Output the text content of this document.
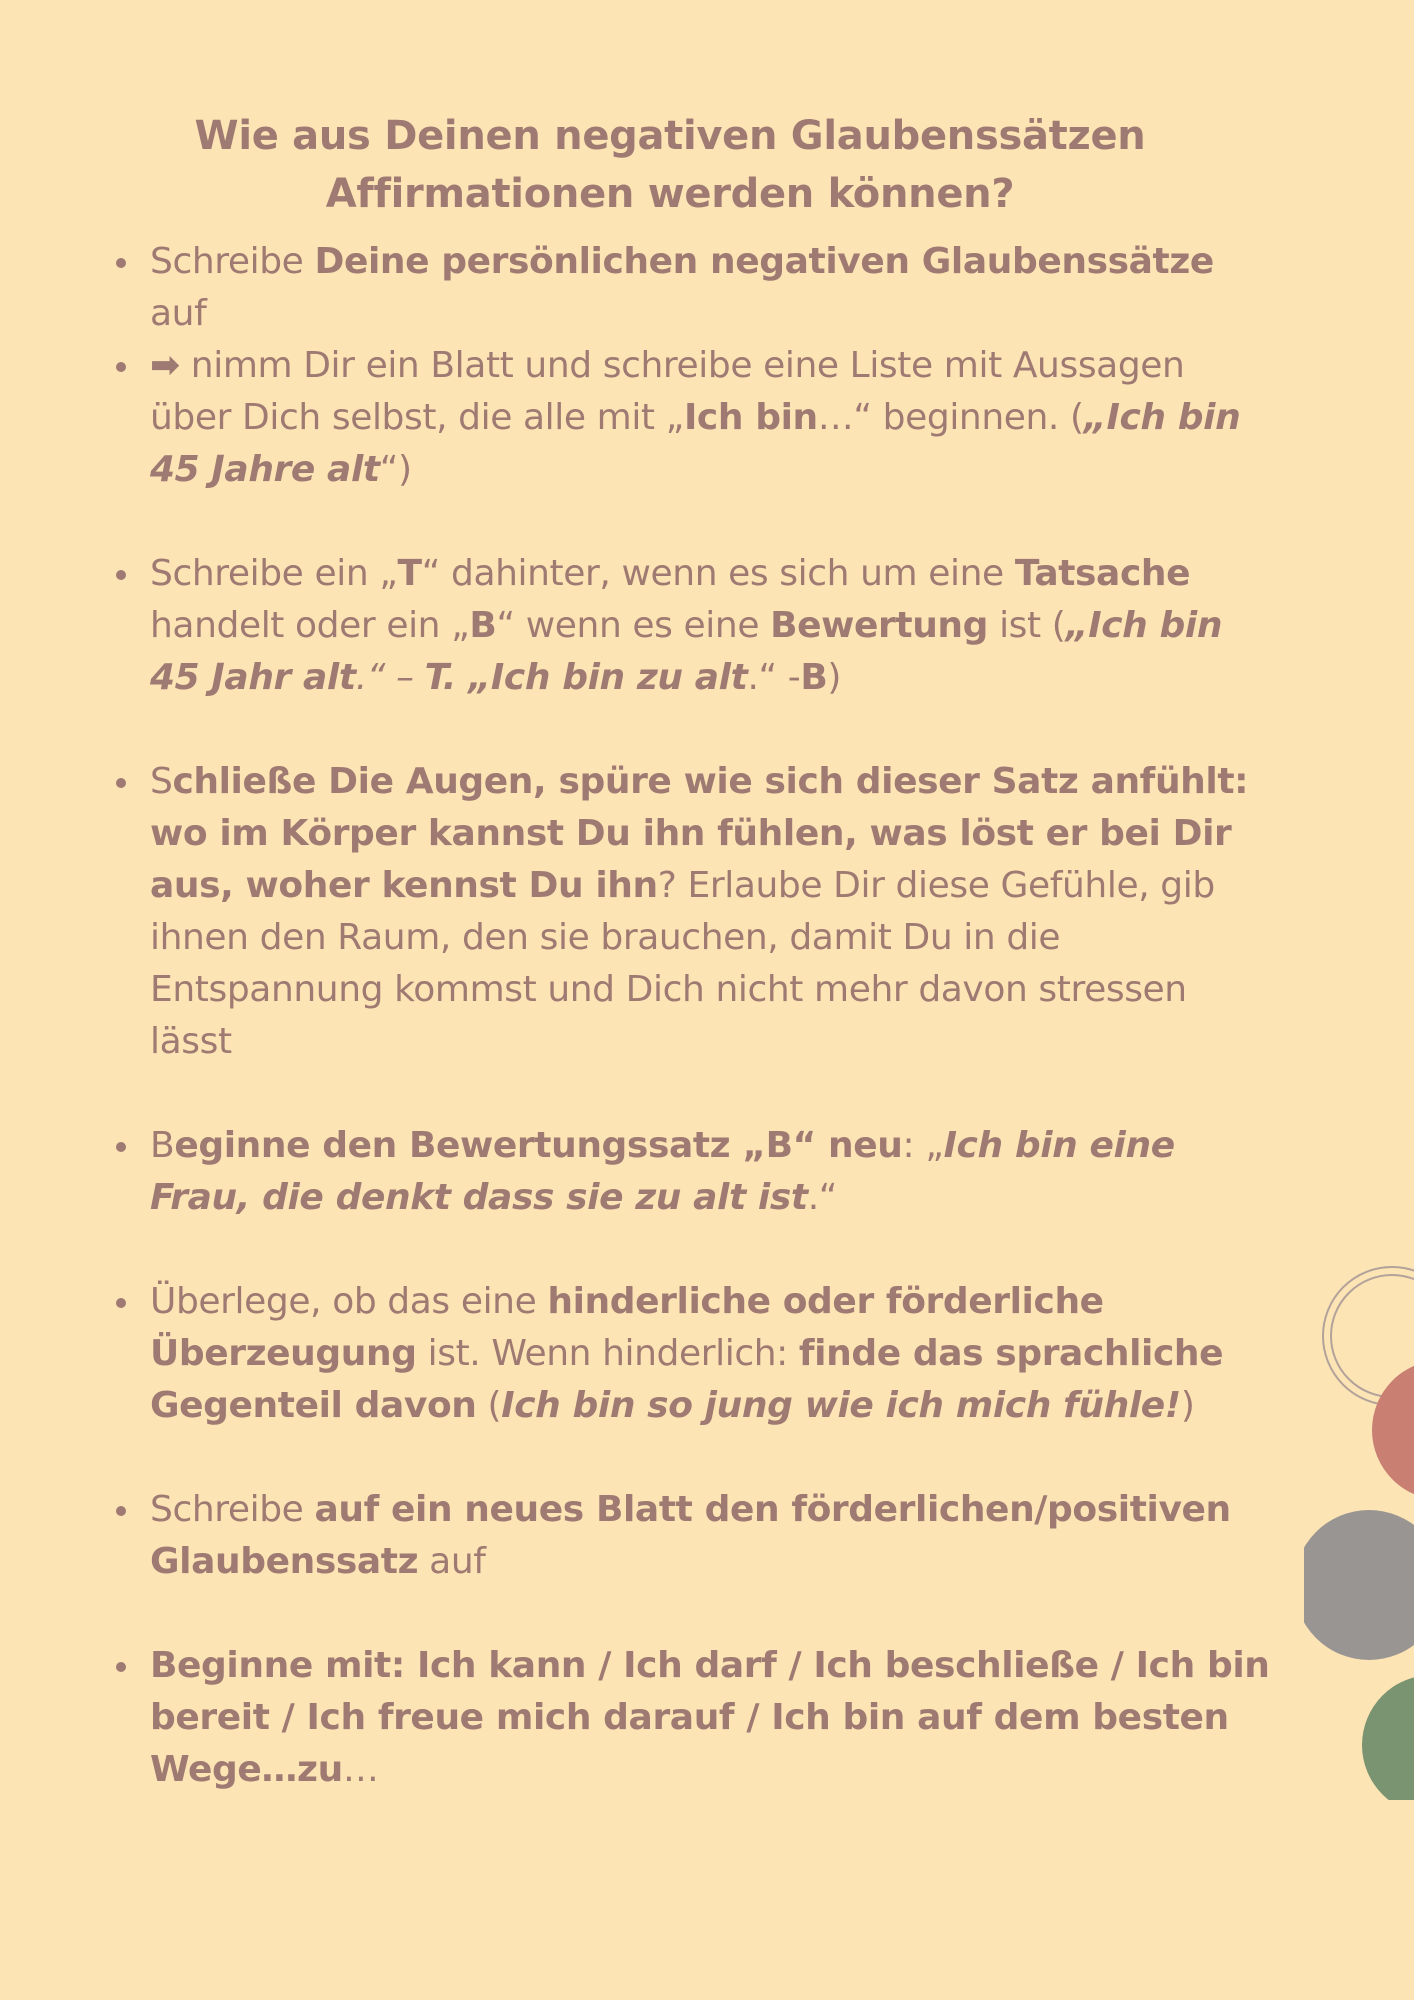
Wie aus Deinen negativen Glaubenssätzen
Affirmationen werden können?
Schreibe Deine persönlichen negativen Glaubenssätze auf
➡ nimm Dir ein Blatt und schreibe eine Liste mit Aussagen über Dich selbst, die alle mit „Ich bin…“ beginnen. („Ich bin 45 Jahre alt“)
Schreibe ein „T“ dahinter, wenn es sich um eine Tatsache handelt oder ein „B“ wenn es eine Bewertung ist („Ich bin 45 Jahr alt.“ – T. „Ich bin zu alt.“ -B)
Schließe Die Augen, spüre wie sich dieser Satz anfühlt: wo im Körper kannst Du ihn fühlen, was löst er bei Dir aus, woher kennst Du ihn? Erlaube Dir diese Gefühle, gib ihnen den Raum, den sie brauchen, damit Du in die Entspannung kommst und Dich nicht mehr davon stressen lässt
Beginne den Bewertungssatz „B“ neu: „Ich bin eine Frau, die denkt dass sie zu alt ist.“
Überlege, ob das eine hinderliche oder förderliche Überzeugung ist. Wenn hinderlich: finde das sprachliche Gegenteil davon (Ich bin so jung wie ich mich fühle!)
Schreibe auf ein neues Blatt den förderlichen/positiven Glaubenssatz auf
Beginne mit: Ich kann / Ich darf / Ich beschließe / Ich bin bereit / Ich freue mich darauf / Ich bin auf dem besten Wege…zu…
